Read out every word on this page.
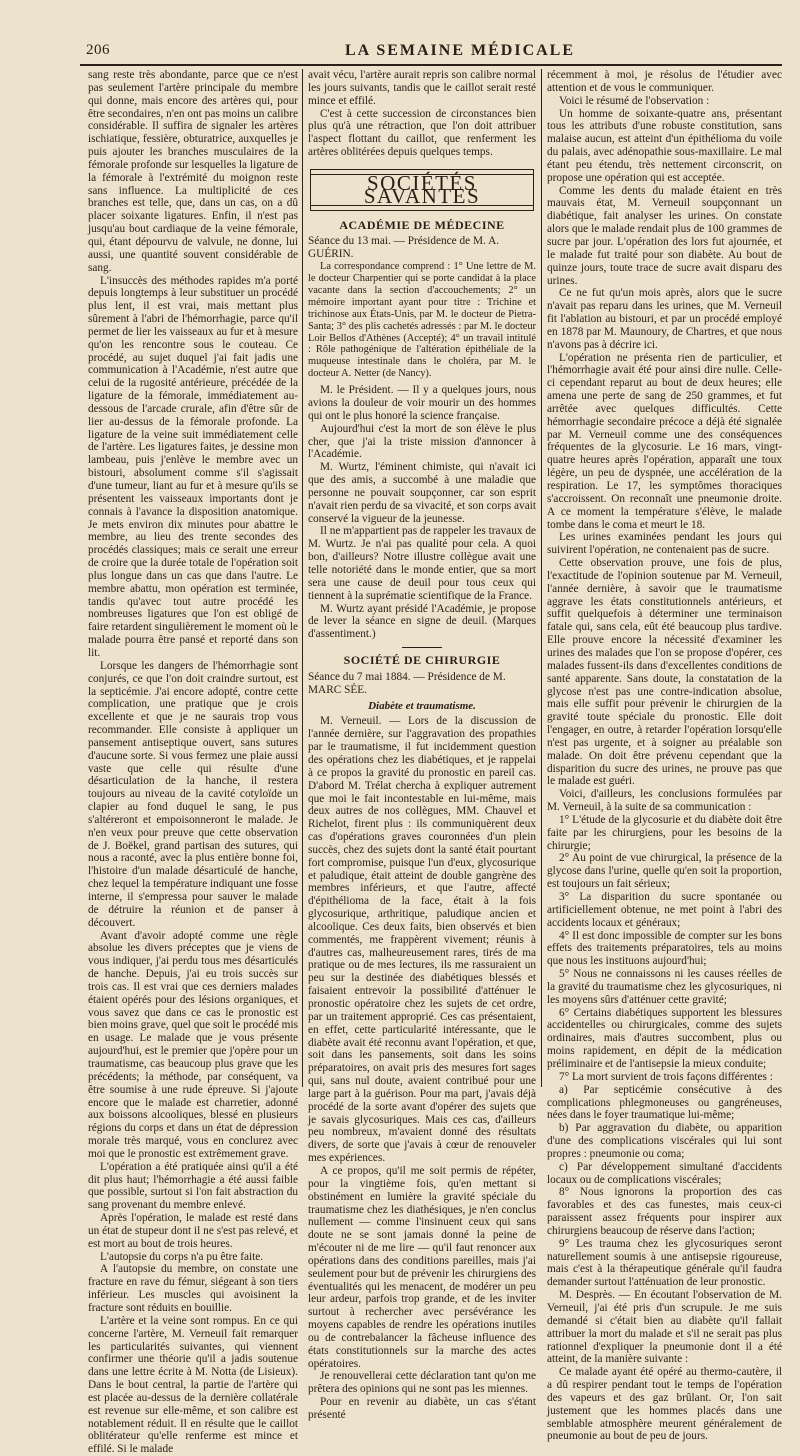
206	LA SEMAINE MÉDICALE

sang reste très abondante, parce que ce n'est pas seulement l'artère principale du membre qui donne, mais encore des artères qui, pour être secondaires, n'en ont pas moins un calibre considérable. Il suffira de signaler les artères ischiatique, fessière, obturatrice, auxquelles je puis ajouter les branches musculaires de la fémorale profonde sur lesquelles la ligature de la fémorale à l'extrémité du moignon reste sans influence. La multiplicité de ces branches est telle, que, dans un cas, on a dû placer soixante ligatures. Enfin, il n'est pas jusqu'au bout cardiaque de la veine fémorale, qui, étant dépourvu de valvule, ne donne, lui aussi, une quantité souvent considérable de sang.

L'insuccès des méthodes rapides m'a porté depuis longtemps à leur substituer un procédé plus lent, il est vrai, mais mettant plus sûrement à l'abri de l'hémorrhagie, parce qu'il permet de lier les vaisseaux au fur et à mesure qu'on les rencontre sous le couteau. Ce procédé, au sujet duquel j'ai fait jadis une communication à l'Académie, n'est autre que celui de la rugosité antérieure, précédée de la ligature de la fémorale, immédiatement au-dessous de l'arcade crurale, afin d'être sûr de lier au-dessus de la fémorale profonde. La ligature de la veine suit immédiatement celle de l'artère. Les ligatures faites, je dessine mon lambeau, puis j'enlève le membre avec un bistouri, absolument comme s'il s'agissait d'une tumeur, liant au fur et à mesure qu'ils se présentent les vaisseaux importants dont je connais à l'avance la disposition anatomique. Je mets environ dix minutes pour abattre le membre, au lieu des trente secondes des procédés classiques; mais ce serait une erreur de croire que la durée totale de l'opération soit plus longue dans un cas que dans l'autre. Le membre abattu, mon opération est terminée, tandis qu'avec tout autre procédé les nombreuses ligatures que l'on est obligé de faire retardent singulièrement le moment où le malade pourra être pansé et reporté dans son lit.

Lorsque les dangers de l'hémorrhagie sont conjurés, ce que l'on doit craindre surtout, est la septicémie. J'ai encore adopté, contre cette complication, une pratique que je crois excellente et que je ne saurais trop vous recommander. Elle consiste à appliquer un pansement antiseptique ouvert, sans sutures d'aucune sorte. Si vous fermez une plaie aussi vaste que celle qui résulte d'une désarticulation de la hanche, il restera toujours au niveau de la cavité cotyloïde un clapier au fond duquel le sang, le pus s'altéreront et empoisonneront le malade. Je n'en veux pour preuve que cette observation de J. Boëkel, grand partisan des sutures, qui nous a raconté, avec la plus entière bonne foi, l'histoire d'un malade désarticulé de hanche, chez lequel la température indiquant une fosse interne, il s'empressa pour sauver le malade de détruire la réunion et de panser à découvert.

Avant d'avoir adopté comme une règle absolue les divers préceptes que je viens de vous indiquer, j'ai perdu tous mes désarticulés de hanche. Depuis, j'ai eu trois succès sur trois cas. Il est vrai que ces derniers malades étaient opérés pour des lésions organiques, et vous savez que dans ce cas le pronostic est bien moins grave, quel que soit le procédé mis en usage. Le malade que je vous présente aujourd'hui, est le premier que j'opère pour un traumatisme, cas beaucoup plus grave que les précédents; la méthode, par conséquent, va être soumise à une rude épreuve. Si j'ajoute encore que le malade est charretier, adonné aux boissons alcooliques, blessé en plusieurs régions du corps et dans un état de dépression morale très marqué, vous en conclurez avec moi que le pronostic est extrêmement grave.

L'opération a été pratiquée ainsi qu'il a été dit plus haut; l'hémorrhagie a été aussi faible que possible, surtout si l'on fait abstraction du sang provenant du membre enlevé.

Après l'opération, le malade est resté dans un état de stupeur dont il ne s'est pas relevé, et est mort au bout de trois heures.

L'autopsie du corps n'a pu être faite.

A l'autopsie du membre, on constate une fracture en rave du fémur, siégeant à son tiers inférieur. Les muscles qui avoisinent la fracture sont réduits en bouillie.

L'artère et la veine sont rompus. En ce qui concerne l'artère, M. Verneuil fait remarquer les particularités suivantes, qui viennent confirmer une théorie qu'il a jadis soutenue dans une lettre écrite à M. Notta (de Lisieux). Dans le bout central, la partie de l'artère qui est placée au-dessus de la dernière collatérale est revenue sur elle-même, et son calibre est notablement réduit. Il en résulte que le caillot oblitérateur qu'elle renferme est mince et effilé. Si le malade

avait vécu, l'artère aurait repris son calibre normal les jours suivants, tandis que le caillot serait resté mince et effilé.

C'est à cette succession de circonstances bien plus qu'à une rétraction, que l'on doit attribuer l'aspect flottant du caillot, que renferment les artères oblitérées depuis quelques temps.

SOCIÉTÉS SAVANTES
ACADÉMIE DE MÉDECINE

Séance du 13 mai. — Présidence de M. A. GUÉRIN.

La correspondance comprend : 1° Une lettre de M. le docteur Charpentier qui se porte candidat à la place vacante dans la section d'accouchements; 2° un mémoire important ayant pour titre : Trichine et trichinose aux États-Unis, par M. le docteur de Pietra-Santa; 3° des plis cachetés adressés : par M. le docteur Loir Bellos d'Athènes (Accepté); 4° un travail intitulé : Rôle pathogénique de l'altération épithéliale de la muqueuse intestinale dans le choléra, par M. le docteur A. Netter (de Nancy).

M. le Président. — Il y a quelques jours, nous avions la douleur de voir mourir un des hommes qui ont le plus honoré la science française.

Aujourd'hui c'est la mort de son élève le plus cher, que j'ai la triste mission d'annoncer à l'Académie.

M. Wurtz, l'éminent chimiste, qui n'avait ici que des amis, a succombé à une maladie que personne ne pouvait soupçonner, car son esprit n'avait rien perdu de sa vivacité, et son corps avait conservé la vigueur de la jeunesse.

Il ne m'appartient pas de rappeler les travaux de M. Wurtz. Je n'ai pas qualité pour cela. A quoi bon, d'ailleurs? Notre illustre collègue avait une telle notoriété dans le monde entier, que sa mort sera une cause de deuil pour tous ceux qui tiennent à la suprématie scientifique de la France.

M. Wurtz ayant présidé l'Académie, je propose de lever la séance en signe de deuil. (Marques d'assentiment.)

SOCIÉTÉ DE CHIRURGIE

Séance du 7 mai 1884. — Présidence de M. MARC SÉE.

Diabète et traumatisme.

M. Verneuil. — Lors de la discussion de l'année dernière, sur l'aggravation des propathies par le traumatisme, il fut incidemment question des opérations chez les diabétiques, et je rappelai à ce propos la gravité du pronostic en pareil cas. D'abord M. Trélat chercha à expliquer autrement que moi le fait incontestable en lui-même, mais deux autres de nos collègues, MM. Chauvel et Richelot, firent plus : ils communiquèrent deux cas d'opérations graves couronnées d'un plein succès, chez des sujets dont la santé était pourtant fort compromise, puisque l'un d'eux, glycosurique et paludique, était atteint de double gangrène des membres inférieurs, et que l'autre, affecté d'épithélioma de la face, était à la fois glycosurique, arthritique, paludique ancien et alcoolique. Ces deux faits, bien observés et bien commentés, me frappèrent vivement; réunis à d'autres cas, malheureusement rares, tirés de ma pratique ou de mes lectures, ils me rassuraient un peu sur la destinée des diabétiques blessés et faisaient entrevoir la possibilité d'atténuer le pronostic opératoire chez les sujets de cet ordre, par un traitement approprié. Ces cas présentaient, en effet, cette particularité intéressante, que le diabète avait été reconnu avant l'opération, et que, soit dans les pansements, soit dans les soins préparatoires, on avait pris des mesures fort sages qui, sans nul doute, avaient contribué pour une large part à la guérison. Pour ma part, j'avais déjà procédé de la sorte avant d'opérer des sujets que je savais glycosuriques. Mais ces cas, d'ailleurs peu nombreux, m'avaient donné des résultats divers, de sorte que j'avais à cœur de renouveler mes expériences.

A ce propos, qu'il me soit permis de répéter, pour la vingtième fois, qu'en mettant si obstinément en lumière la gravité spéciale du traumatisme chez les diathésiques, je n'en conclus nullement — comme l'insinuent ceux qui sans doute ne se sont jamais donné la peine de m'écouter ni de me lire — qu'il faut renoncer aux opérations dans des conditions pareilles, mais j'ai seulement pour but de prévenir les chirurgiens des éventualités qui les menacent, de modérer un peu leur ardeur, parfois trop grande, et de les inviter surtout à rechercher avec persévérance les moyens capables de rendre les opérations inutiles ou de contrebalancer la fâcheuse influence des états constitutionnels sur la marche des actes opératoires.

Je renouvellerai cette déclaration tant qu'on me prêtera des opinions qui ne sont pas les miennes.

Pour en revenir au diabète, un cas s'étant présenté

récemment à moi, je résolus de l'étudier avec attention et de vous le communiquer.

Voici le résumé de l'observation :

Un homme de soixante-quatre ans, présentant tous les attributs d'une robuste constitution, sans malaise aucun, est atteint d'un épithélioma du voile du palais, avec adénopathie sous-maxillaire. Le mal étant peu étendu, très nettement circonscrit, on propose une opération qui est acceptée.

Comme les dents du malade étaient en très mauvais état, M. Verneuil soupçonnant un diabétique, fait analyser les urines. On constate alors que le malade rendait plus de 100 grammes de sucre par jour. L'opération des lors fut ajournée, et le malade fut traité pour son diabète. Au bout de quinze jours, toute trace de sucre avait disparu des urines.

Ce ne fut qu'un mois après, alors que le sucre n'avait pas reparu dans les urines, que M. Verneuil fit l'ablation au bistouri, et par un procédé employé en 1878 par M. Maunoury, de Chartres, et que nous n'avons pas à décrire ici.

L'opération ne présenta rien de particulier, et l'hémorrhagie avait été pour ainsi dire nulle. Celle-ci cependant reparut au bout de deux heures; elle amena une perte de sang de 250 grammes, et fut arrêtée avec quelques difficultés. Cette hémorrhagie secondaire précoce a déjà été signalée par M. Verneuil comme une des conséquences fréquentes de la glycosurie. Le 16 mars, vingt-quatre heures après l'opération, apparaît une toux légère, un peu de dyspnée, une accélération de la respiration. Le 17, les symptômes thoraciques s'accroissent. On reconnaît une pneumonie droite. A ce moment la température s'élève, le malade tombe dans le coma et meurt le 18.

Les urines examinées pendant les jours qui suivirent l'opération, ne contenaient pas de sucre.

Cette observation prouve, une fois de plus, l'exactitude de l'opinion soutenue par M. Verneuil, l'année dernière, à savoir que le traumatisme aggrave les états constitutionnels antérieurs, et suffit quelquefois à déterminer une terminaison fatale qui, sans cela, eût été beaucoup plus tardive. Elle prouve encore la nécessité d'examiner les urines des malades que l'on se propose d'opérer, ces malades fussent-ils dans d'excellentes conditions de santé apparente. Sans doute, la constatation de la glycose n'est pas une contre-indication absolue, mais elle suffit pour prévenir le chirurgien de la gravité toute spéciale du pronostic. Elle doit l'engager, en outre, à retarder l'opération lorsqu'elle n'est pas urgente, et à soigner au préalable son malade. On doit être prévenu cependant que la disparition du sucre des urines, ne prouve pas que le malade est guéri.

Voici, d'ailleurs, les conclusions formulées par M. Verneuil, à la suite de sa communication :

1° L'étude de la glycosurie et du diabète doit être faite par les chirurgiens, pour les besoins de la chirurgie;

2° Au point de vue chirurgical, la présence de la glycose dans l'urine, quelle qu'en soit la proportion, est toujours un fait sérieux;

3° La disparition du sucre spontanée ou artificiellement obtenue, ne met point à l'abri des accidents locaux et généraux;

4° Il est donc impossible de compter sur les bons effets des traitements préparatoires, tels au moins que nous les instituons aujourd'hui;

5° Nous ne connaissons ni les causes réelles de la gravité du traumatisme chez les glycosuriques, ni les moyens sûrs d'atténuer cette gravité;

6° Certains diabétiques supportent les blessures accidentelles ou chirurgicales, comme des sujets ordinaires, mais d'autres succombent, plus ou moins rapidement, en dépit de la médication préliminaire et de l'antisepsie la mieux conduite;

7° La mort survient de trois façons différentes :

a) Par septicémie consécutive à des complications phlegmoneuses ou gangréneuses, nées dans le foyer traumatique lui-même;

b) Par aggravation du diabète, ou apparition d'une des complications viscérales qui lui sont propres : pneumonie ou coma;

c) Par développement simultané d'accidents locaux ou de complications viscérales;

8° Nous ignorons la proportion des cas favorables et des cas funestes, mais ceux-ci paraissent assez fréquents pour inspirer aux chirurgiens beaucoup de réserve dans l'action;

9° Les trauma chez les glycosuriques seront naturellement soumis à une antisepsie rigoureuse, mais c'est à la thérapeutique générale qu'il faudra demander surtout l'atténuation de leur pronostic.

M. Desprès. — En écoutant l'observation de M. Verneuil, j'ai été pris d'un scrupule. Je me suis demandé si c'était bien au diabète qu'il fallait attribuer la mort du malade et s'il ne serait pas plus rationnel d'expliquer la pneumonie dont il a été atteint, de la manière suivante :

Ce malade ayant été opéré au thermo-cautère, il a dû respirer pendant tout le temps de l'opération des vapeurs et des gaz brûlant. Or, l'on sait justement que les hommes placés dans une semblable atmosphère meurent généralement de pneumonie au bout de peu de jours.
